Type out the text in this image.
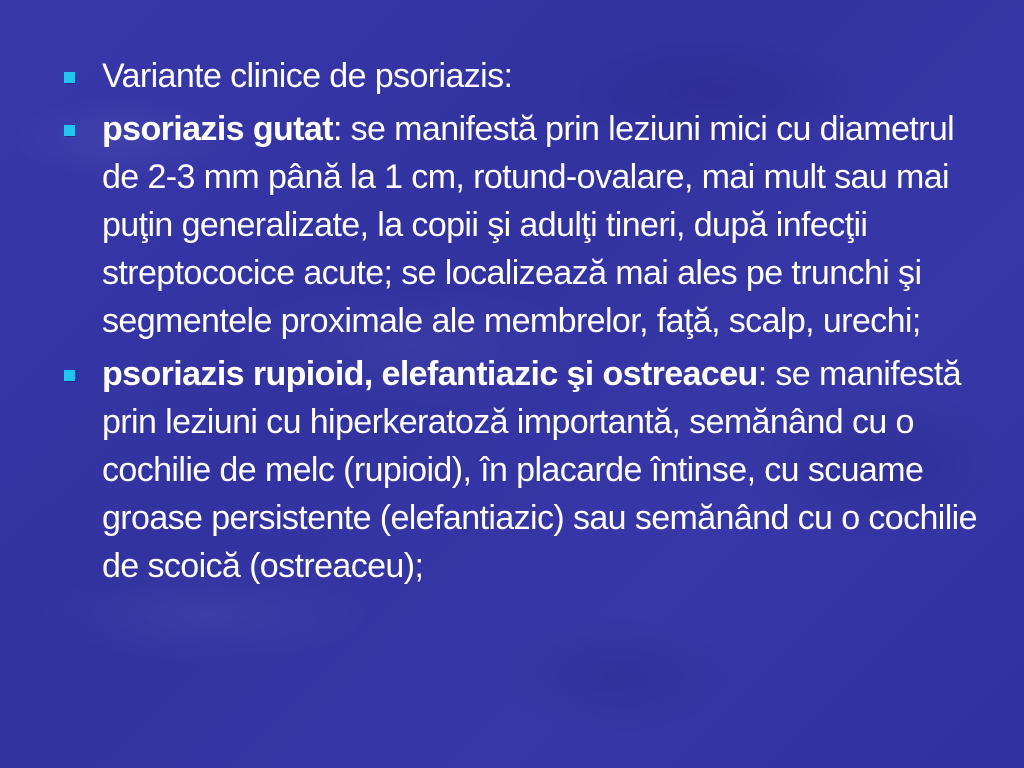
Variante clinice de psoriazis:
psoriazis gutat: se manifestă prin leziuni mici cu diametrul de 2-3 mm până la 1 cm, rotund-ovalare, mai mult sau mai puţin generalizate, la copii şi adulţi tineri, după infecţii streptococice acute; se localizează mai ales pe trunchi şi segmentele proximale ale membrelor, faţă, scalp, urechi;
psoriazis rupioid, elefantiazic şi ostreaceu: se manifestă prin leziuni cu hiperkeratoză importantă, semănând cu o cochilie de melc (rupioid), în placarde întinse, cu scuame groase persistente (elefantiazic) sau semănând cu o cochilie de scoică (ostreaceu);
